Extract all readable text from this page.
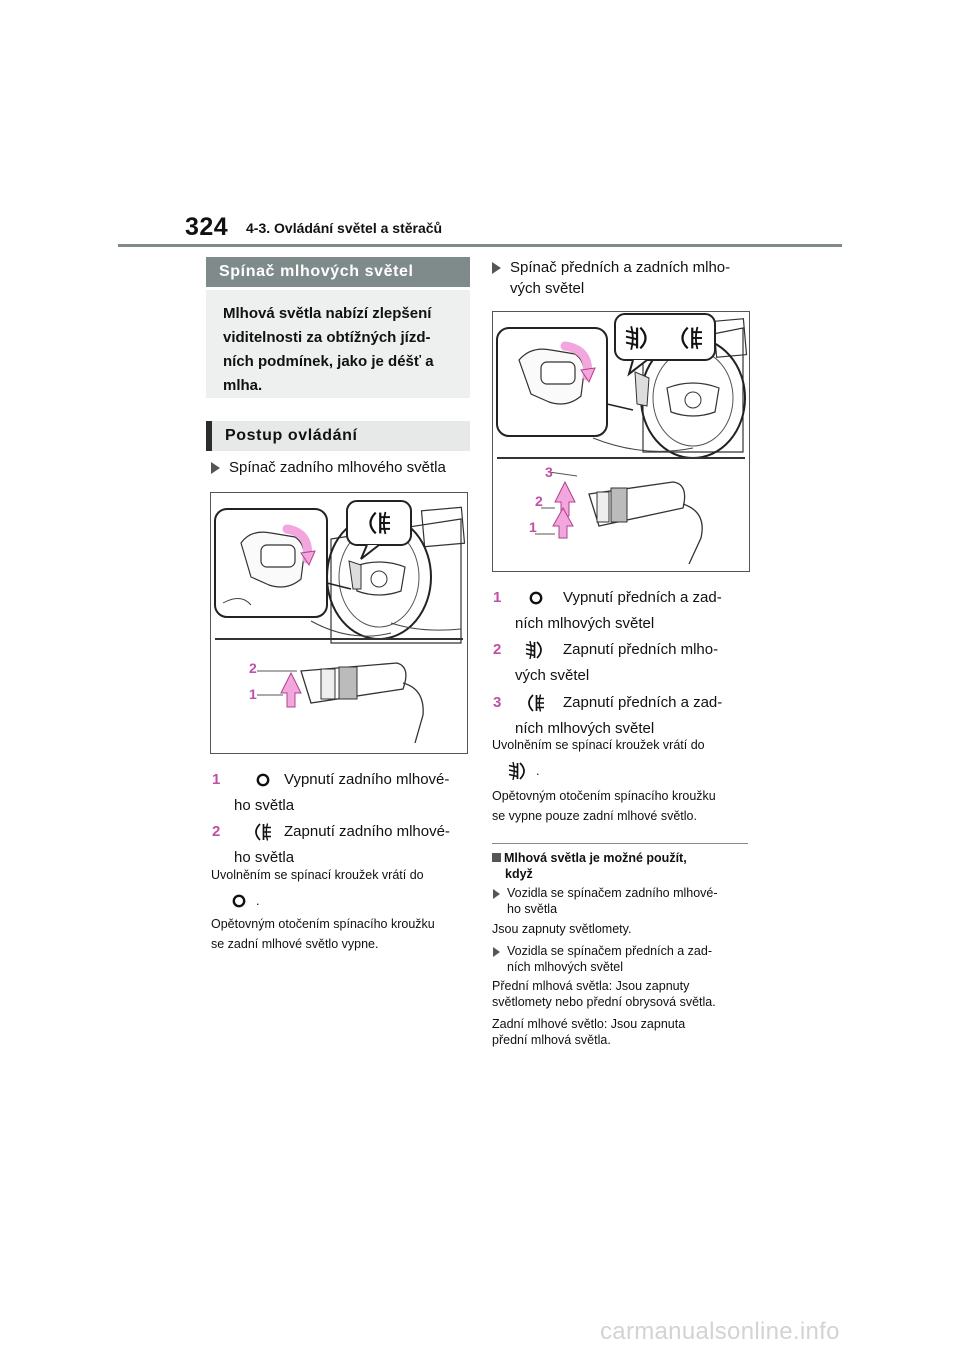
324 4-3. Ovládání světel a stěračů
Spínač mlhových světel
Mlhová světla nabízí zlepšení viditelnosti za obtížných jízd- ních podmínek, jako je déšť a mlha.
Postup ovládání
Spínač zadního mlhového světla
2
1
1	Vypnutí zadního mlhové-
ho světla
2	Zapnutí zadního mlhové-
ho světla
Uvolněním se spínací kroužek vrátí do
.
Opětovným otočením spínacího kroužku
se zadní mlhové světlo vypne.
Spínač předních a zadních mlho-
vých světel
3
2
1
1	Vypnutí předních a zad-
ních mlhových světel
2	Zapnutí předních mlho-
vých světel
3	Zapnutí předních a zad-
ních mlhových světel
Uvolněním se spínací kroužek vrátí do
.
Opětovným otočením spínacího kroužku
se vypne pouze zadní mlhové světlo.
Mlhová světla je možné použít,
když
Vozidla se spínačem zadního mlhové-
ho světla
Jsou zapnuty světlomety.
Vozidla se spínačem předních a zad-
ních mlhových světel
Přední mlhová světla: Jsou zapnuty
světlomety nebo přední obrysová světla.
Zadní mlhové světlo: Jsou zapnuta
přední mlhová světla.
carmanualsonline.info
